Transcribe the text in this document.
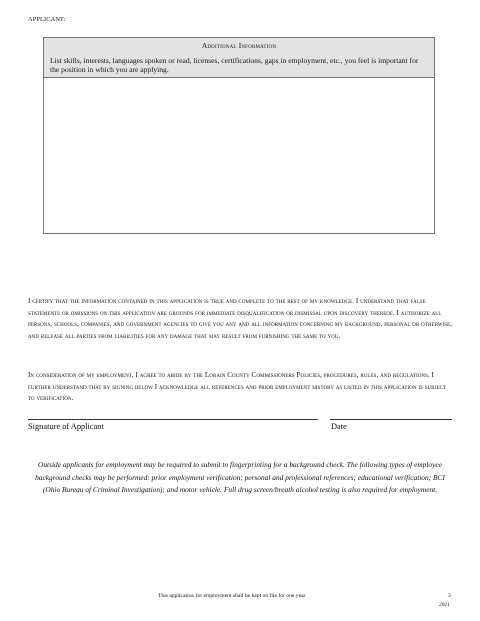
APPLICANT:
Additional Information
List skills, interests, languages spoken or read, licenses, certifications, gaps in employment, etc., you feel is important for the position in which you are applying.
I certify that the information contained in this application is true and complete to the best of my knowledge. I understand that false statements or omissions on this application are grounds for immediate disqualification or dismissal upon discovery thereof. I authorize all persons, schools, companies, and government agencies to give you any and all information concerning my background, personal or otherwise, and release all parties from liabilities for any damage that may result from furnishing the same to you.
In consideration of my employment, I agree to abide by the Lorain County Commissioners Policies, procedures, rules, and regulations. I further understand that by signing below I acknowledge all references and prior employment history as listed in this application is subject to verification.
Signature of Applicant	Date
Outside applicants for employment may be required to submit to fingerprinting for a background check. The following types of employee background checks may be performed: prior employment verification; personal and professional references; educational verification; BCI (Ohio Bureau of Criminal Investigation); and motor vehicle. Full drug screen/breath alcohol testing is also required for employment.
This application for employment shall be kept on file for one year	3
2021
